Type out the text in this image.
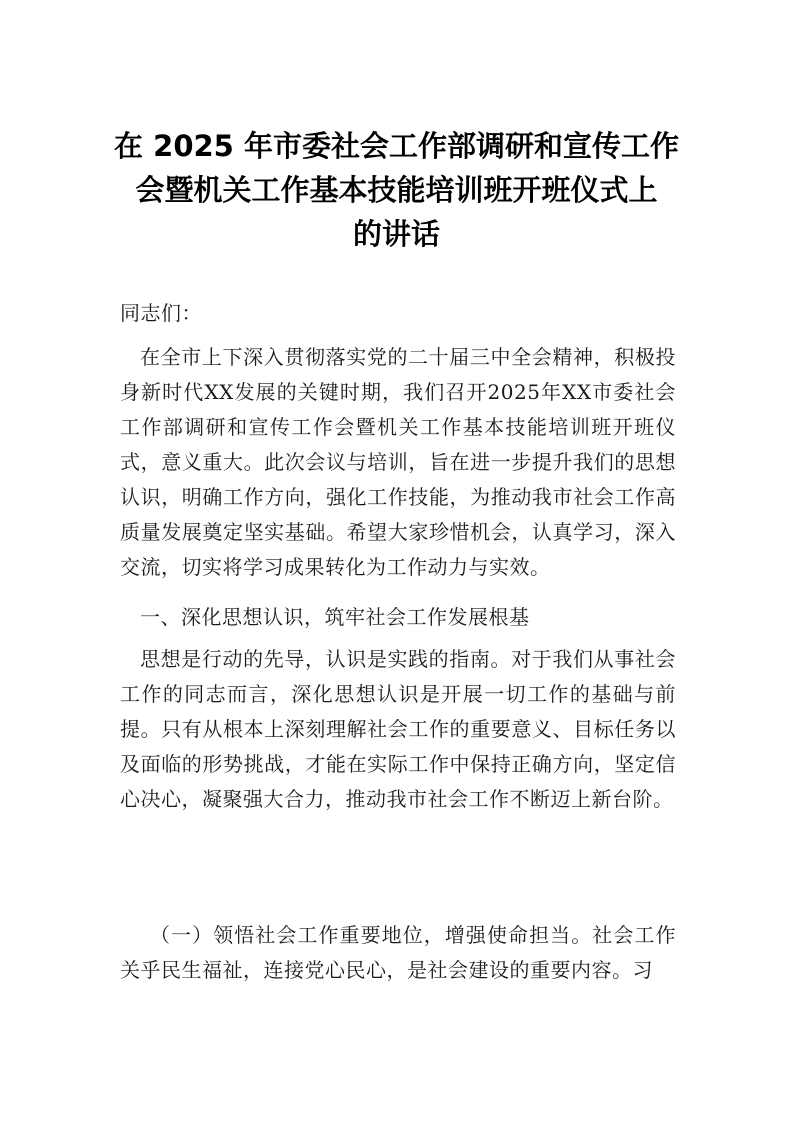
在 2025 年市委社会工作部调研和宣传工作
会暨机关工作基本技能培训班开班仪式上
的讲话

同志们：

在全市上下深入贯彻落实党的二十届三中全会精神，积极投身新时代XX发展的关键时期，我们召开2025年XX市委社会工作部调研和宣传工作会暨机关工作基本技能培训班开班仪式，意义重大。此次会议与培训，旨在进一步提升我们的思想认识，明确工作方向，强化工作技能，为推动我市社会工作高质量发展奠定坚实基础。希望大家珍惜机会，认真学习，深入交流，切实将学习成果转化为工作动力与实效。

一、深化思想认识，筑牢社会工作发展根基

思想是行动的先导，认识是实践的指南。对于我们从事社会工作的同志而言，深化思想认识是开展一切工作的基础与前提。只有从根本上深刻理解社会工作的重要意义、目标任务以及面临的形势挑战，才能在实际工作中保持正确方向，坚定信心决心，凝聚强大合力，推动我市社会工作不断迈上新台阶。

（一）领悟社会工作重要地位，增强使命担当。社会工作关乎民生福祉，连接党心民心，是社会建设的重要内容。习
